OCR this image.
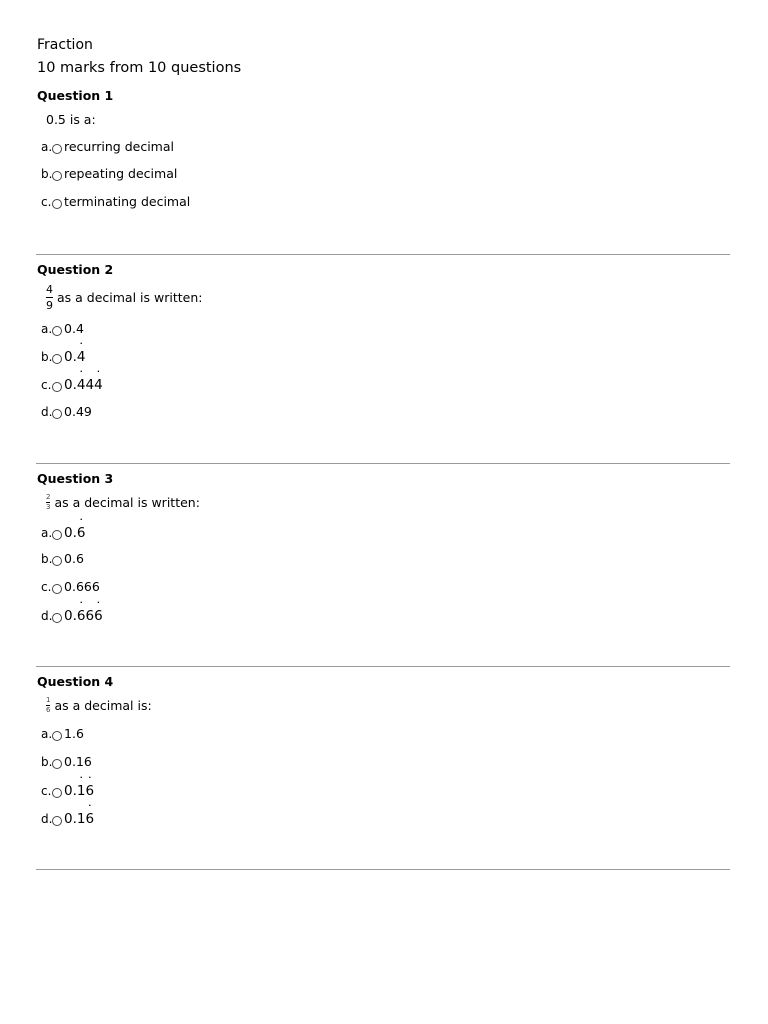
Fraction
10 marks from 10 questions
Question 1
0.5 is a:
a. recurring decimal
b. repeating decimal
c. terminating decimal
Question 2
$\frac{4}{9}$ as a decimal is written:
a. 0.4
b. 0.4 ˙
c. 0.4 ˙44 ˙
d. 0.49
Question 3
$\frac{2}{3}$ as a decimal is written:
a. 0.6 ˙
b. 0.6
c. 0.666
d. 0.6 ˙66 ˙
Question 4
$\frac{1}{6}$ as a decimal is:
a. 1.6
b. 0.16
c. 0.1 ˙6 ˙
d. 0.16 ˙
